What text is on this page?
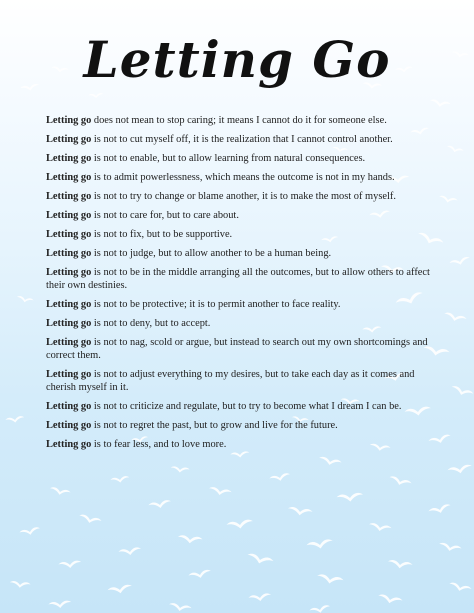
Letting Go
Letting go does not mean to stop caring; it means I cannot do it for someone else.
Letting go is not to cut myself off, it is the realization that I cannot control another.
Letting go is not to enable, but to allow learning from natural consequences.
Letting go is to admit powerlessness, which means the outcome is not in my hands.
Letting go is not to try to change or blame another, it is to make the most of myself.
Letting go is not to care for, but to care about.
Letting go is not to fix, but to be supportive.
Letting go is not to judge, but to allow another to be a human being.
Letting go is not to be in the middle arranging all the outcomes, but to allow others to affect their own destinies.
Letting go is not to be protective; it is to permit another to face reality.
Letting go is not to deny, but to accept.
Letting go is not to nag, scold or argue, but instead to search out my own shortcomings and correct them.
Letting go is not to adjust everything to my desires, but to take each day as it comes and cherish myself in it.
Letting go is not to criticize and regulate, but to try to become what I dream I can be.
Letting go is not to regret the past, but to grow and live for the future.
Letting go is to fear less, and to love more.
